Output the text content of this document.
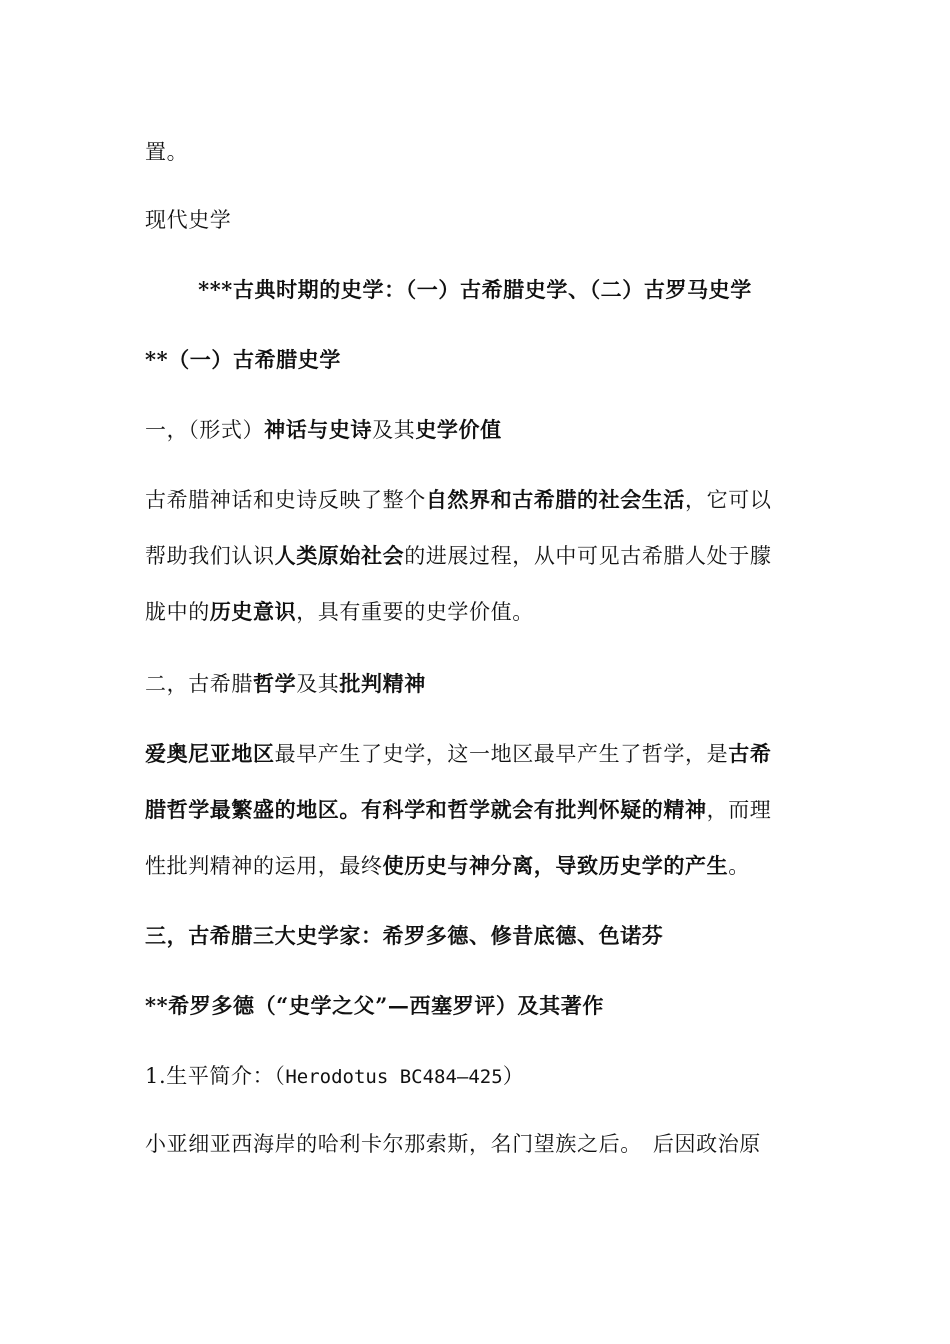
置。
现代史学
***古典时期的史学：（一）古希腊史学、（二）古罗马史学
**（一）古希腊史学
一，（形式）神话与史诗及其史学价值
古希腊神话和史诗反映了整个自然界和古希腊的社会生活，它可以
帮助我们认识人类原始社会的进展过程，从中可见古希腊人处于朦
胧中的历史意识，具有重要的史学价值。
二，古希腊哲学及其批判精神
爱奥尼亚地区最早产生了史学，这一地区最早产生了哲学，是古希
腊哲学最繁盛的地区。有科学和哲学就会有批判怀疑的精神，而理
性批判精神的运用，最终使历史与神分离，导致历史学的产生。
三，古希腊三大史学家：希罗多德、修昔底德、色诺芬
**希罗多德（“史学之父”—西塞罗评）及其著作
1.生平简介：（Herodotus BC484—425）
小亚细亚西海岸的哈利卡尔那索斯，名门望族之后。　后因政治原
